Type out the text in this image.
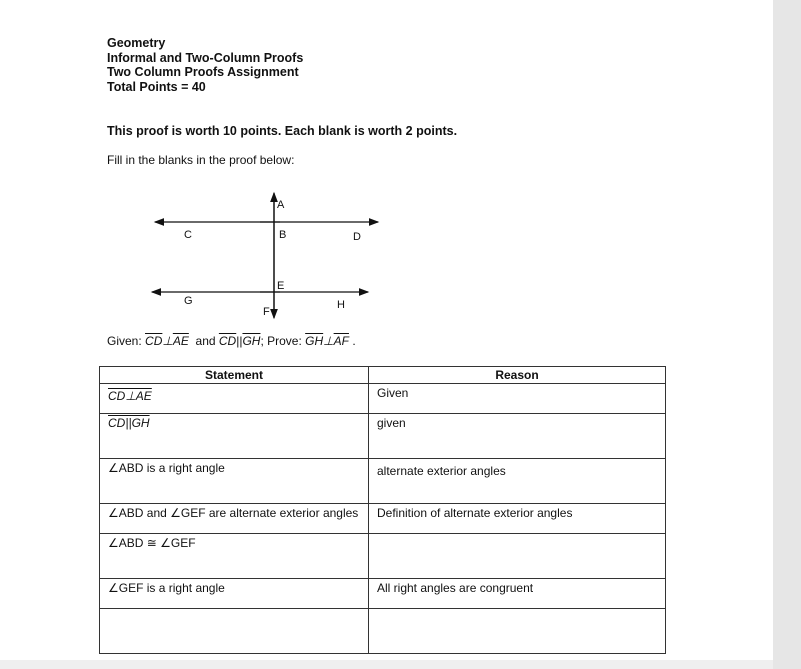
Geometry
Informal and Two-Column Proofs
Two Column Proofs Assignment
Total Points = 40
This proof is worth 10 points. Each blank is worth 2 points.
Fill in the blanks in the proof below:
A
C	B	D
E
G	H
F
Given: $\overline{CD}\perp\overline{AE}$ and $\overline{CD}||\overline{GH}$; Prove: $\overline{GH}\perp\overline{AF}$ .
Statement	Reason
CD⊥AE	Given
CD||GH	given
∠ABD is a right angle	alternate exterior angles
∠ABD and ∠GEF are alternate exterior angles	Definition of alternate exterior angles
∠ABD ≅ ∠GEF	
∠GEF is a right angle	All right angles are congruent
